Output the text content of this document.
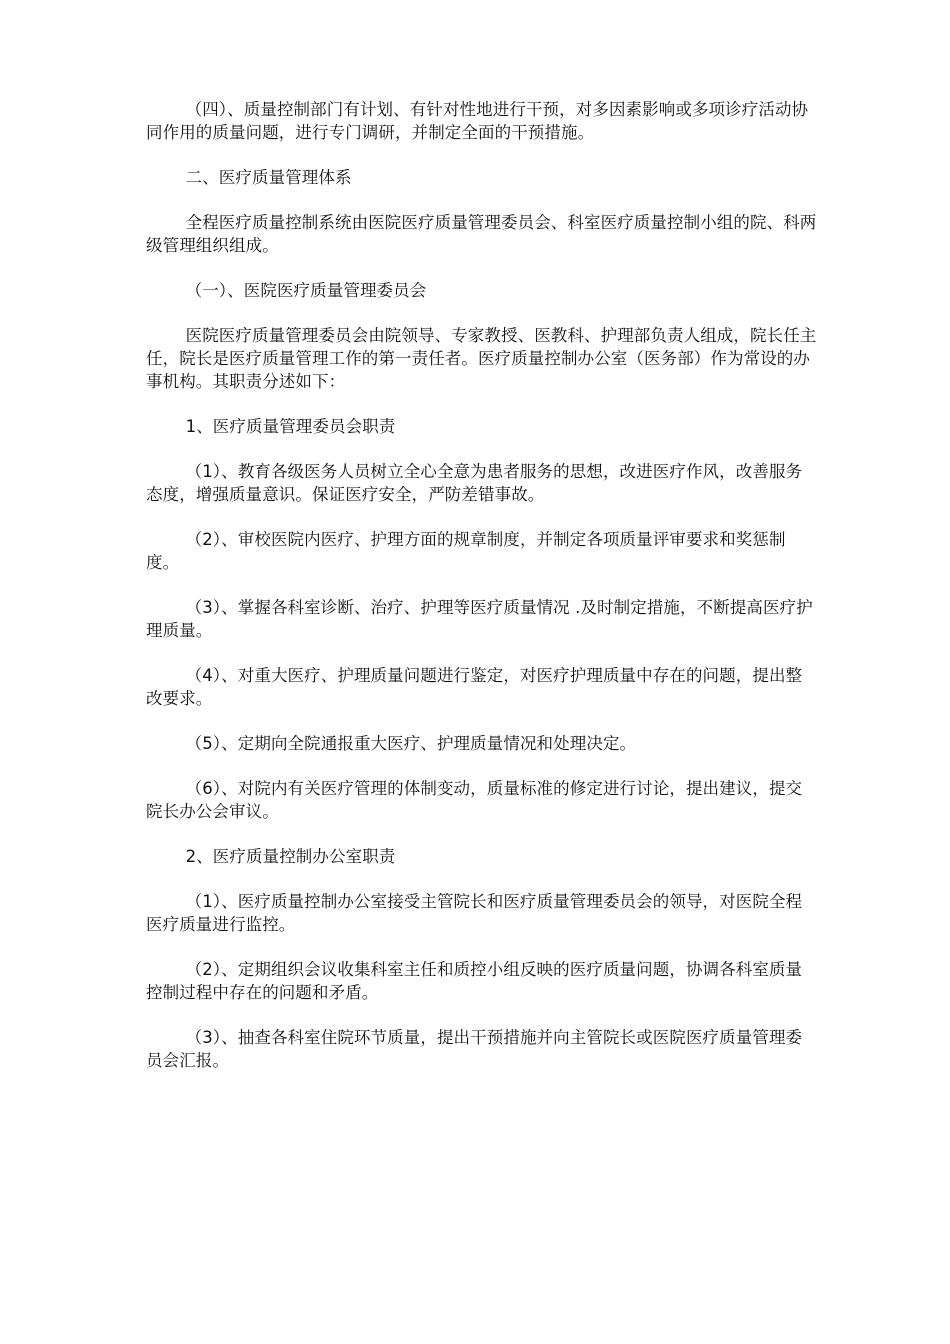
（四）、质量控制部门有计划、有针对性地进行干预，对多因素影响或多项诊疗活动协同作用的质量问题，进行专门调研，并制定全面的干预措施。

二、医疗质量管理体系

全程医疗质量控制系统由医院医疗质量管理委员会、科室医疗质量控制小组的院、科两级管理组织组成。

（一）、医院医疗质量管理委员会

医院医疗质量管理委员会由院领导、专家教授、医教科、护理部负责人组成，院长任主任，院长是医疗质量管理工作的第一责任者。医疗质量控制办公室（医务部）作为常设的办事机构。其职责分述如下：

1、医疗质量管理委员会职责

（1）、教育各级医务人员树立全心全意为患者服务的思想，改进医疗作风，改善服务态度，增强质量意识。保证医疗安全，严防差错事故。

（2）、审校医院内医疗、护理方面的规章制度，并制定各项质量评审要求和奖惩制度。

（3）、掌握各科室诊断、治疗、护理等医疗质量情况 .及时制定措施，不断提高医疗护理质量。

（4）、对重大医疗、护理质量问题进行鉴定，对医疗护理质量中存在的问题，提出整改要求。

（5）、定期向全院通报重大医疗、护理质量情况和处理决定。

（6）、对院内有关医疗管理的体制变动，质量标准的修定进行讨论，提出建议，提交院长办公会审议。

2、医疗质量控制办公室职责

（1）、医疗质量控制办公室接受主管院长和医疗质量管理委员会的领导，对医院全程医疗质量进行监控。

（2）、定期组织会议收集科室主任和质控小组反映的医疗质量问题，协调各科室质量控制过程中存在的问题和矛盾。

（3）、抽查各科室住院环节质量，提出干预措施并向主管院长或医院医疗质量管理委员会汇报。
